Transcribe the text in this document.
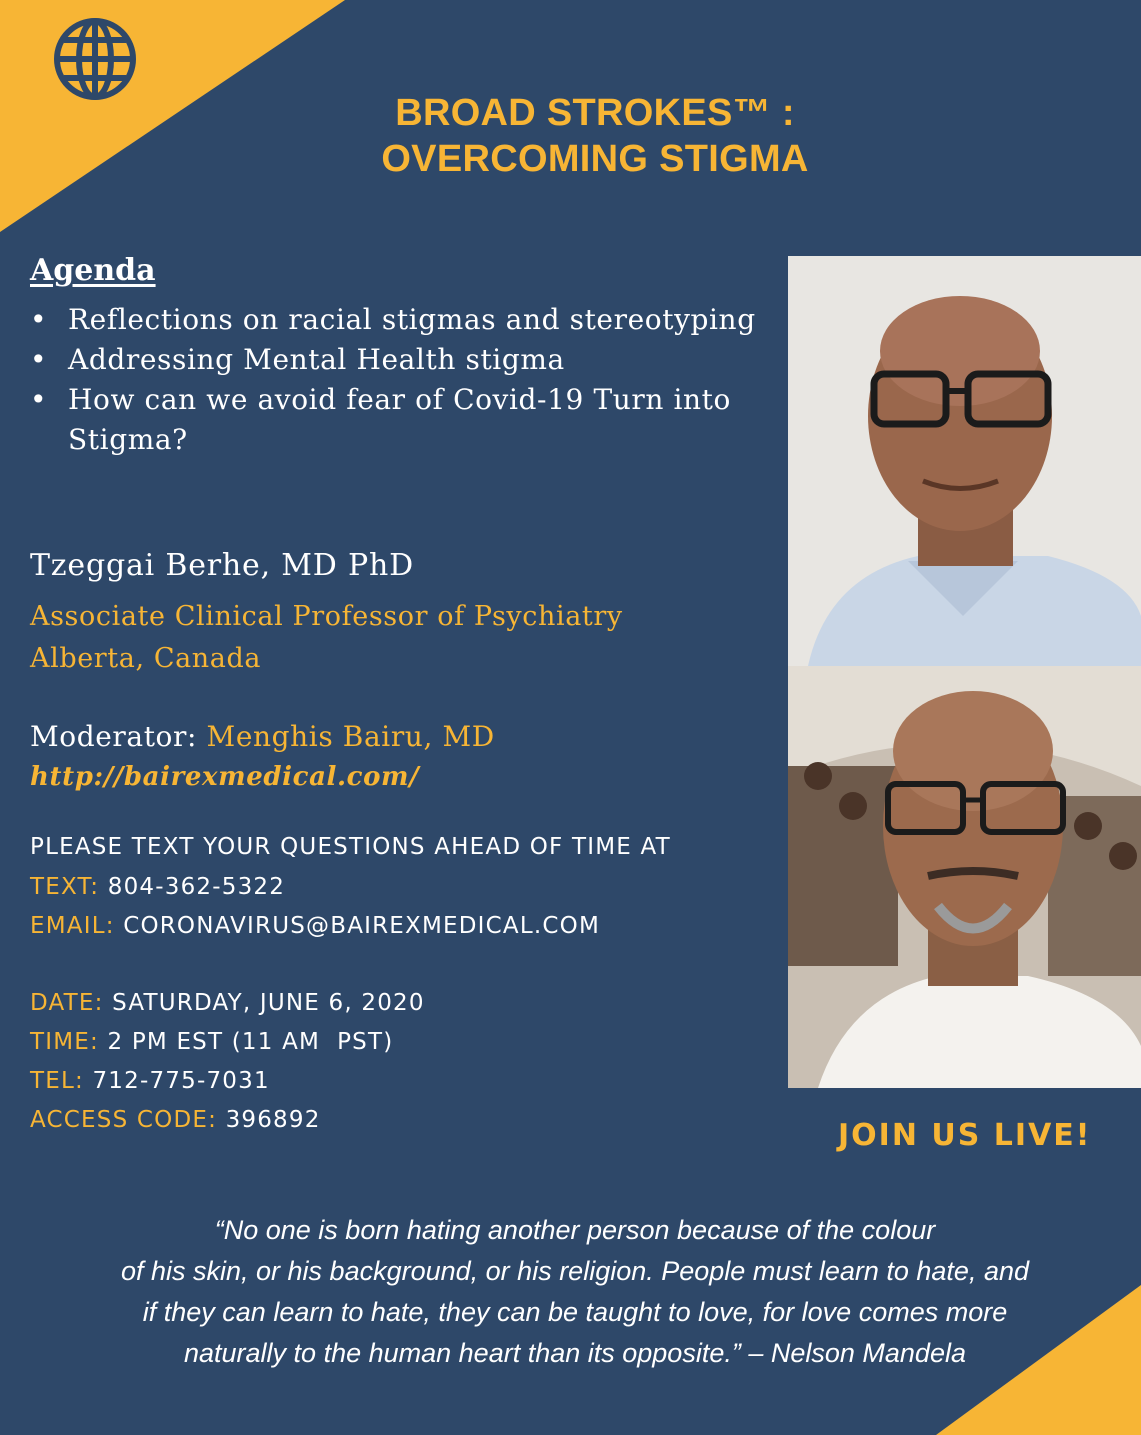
BROAD STROKES™ :
OVERCOMING STIGMA
Agenda
• Reflections on racial stigmas and stereotyping
• Addressing Mental Health stigma
• How can we avoid fear of Covid-19 Turn into Stigma?
Tzeggai Berhe, MD PhD
Associate Clinical Professor of Psychiatry
Alberta, Canada
Moderator: Menghis Bairu, MD
http://bairexmedical.com/
PLEASE TEXT YOUR QUESTIONS AHEAD OF TIME AT
TEXT: 804-362-5322
EMAIL: CORONAVIRUS@BAIREXMEDICAL.COM
DATE: SATURDAY, JUNE 6, 2020
TIME: 2 PM EST (11 AM  PST)
TEL: 712-775-7031
ACCESS CODE: 396892	JOIN US LIVE!
“No one is born hating another person because of the colour
of his skin, or his background, or his religion. People must learn to hate, and
if they can learn to hate, they can be taught to love, for love comes more
naturally to the human heart than its opposite.” – Nelson Mandela
